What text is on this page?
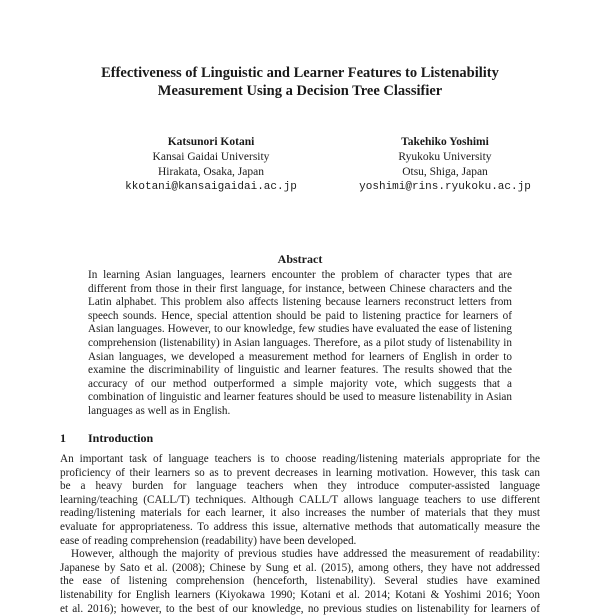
Effectiveness of Linguistic and Learner Features to Listenability
Measurement Using a Decision Tree Classifier
Katsunori Kotani
Kansai Gaidai University
Hirakata, Osaka, Japan
kkotani@kansaigaidai.ac.jp
Takehiko Yoshimi
Ryukoku University
Otsu, Shiga, Japan
yoshimi@rins.ryukoku.ac.jp
Abstract
In learning Asian languages, learners encounter the problem of character types that are
different from those in their first language, for instance, between Chinese characters and the
Latin alphabet. This problem also affects listening because learners reconstruct letters from
speech sounds. Hence, special attention should be paid to listening practice for learners of
Asian languages. However, to our knowledge, few studies have evaluated the ease of listening
comprehension (listenability) in Asian languages. Therefore, as a pilot study of listenability in
Asian languages, we developed a measurement method for learners of English in order to
examine the discriminability of linguistic and learner features. The results showed that the
accuracy of our method outperformed a simple majority vote, which suggests that a
combination of linguistic and learner features should be used to measure listenability in Asian
languages as well as in English.
1 Introduction
An important task of language teachers is to choose reading/listening materials appropriate for the
proficiency of their learners so as to prevent decreases in learning motivation. However, this task can
be a heavy burden for language teachers when they introduce computer-assisted language
learning/teaching (CALL/T) techniques. Although CALL/T allows language teachers to use different
reading/listening materials for each learner, it also increases the number of materials that they must
evaluate for appropriateness. To address this issue, alternative methods that automatically measure the
ease of reading comprehension (readability) have been developed.
However, although the majority of previous studies have addressed the measurement of readability:
Japanese by Sato et al. (2008); Chinese by Sung et al. (2015), among others, they have not addressed
the ease of listening comprehension (henceforth, listenability). Several studies have examined
listenability for English learners (Kiyokawa 1990; Kotani et al. 2014; Kotani & Yoshimi 2016; Yoon
et al. 2016); however, to the best of our knowledge, no previous studies on listenability for learners of
